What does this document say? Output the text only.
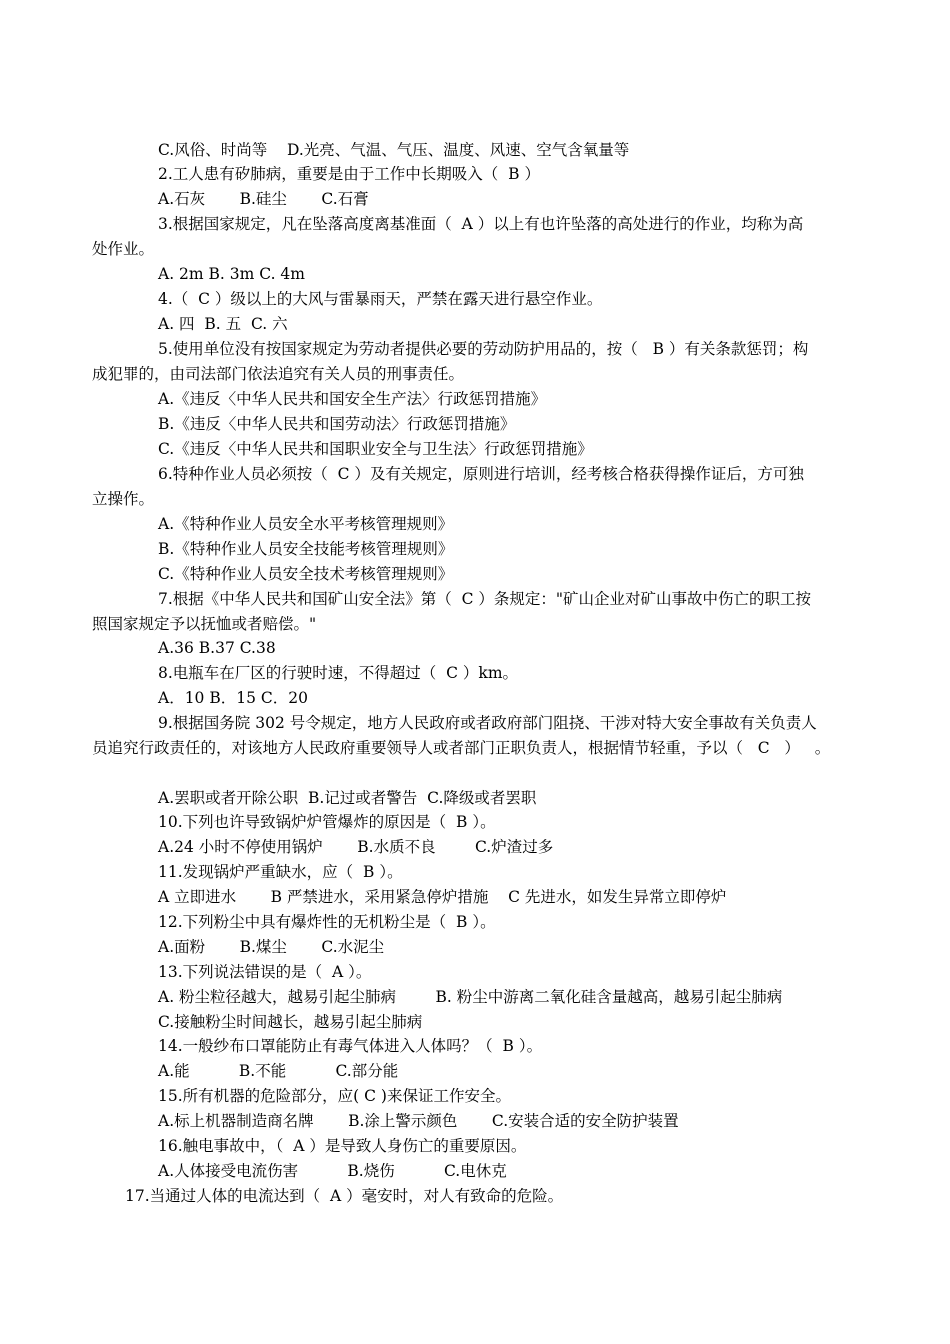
C.风俗、时尚等    D.光亮、气温、气压、温度、风速、空气含氧量等
2.工人患有矽肺病，重要是由于工作中长期吸入（  B ）
A.石灰       B.硅尘       C.石膏
3.根据国家规定，凡在坠落高度离基准面（  A ）以上有也许坠落的高处进行的作业，均称为高
处作业。
A. 2m B. 3m C. 4m
4.（  C ）级以上的大风与雷暴雨天，严禁在露天进行悬空作业。
A. 四  B. 五  C. 六
5.使用单位没有按国家规定为劳动者提供必要的劳动防护用品的，按（   B ）有关条款惩罚；构
成犯罪的，由司法部门依法追究有关人员的刑事责任。
A.《违反〈中华人民共和国安全生产法〉行政惩罚措施》
B.《违反〈中华人民共和国劳动法〉行政惩罚措施》
C.《违反〈中华人民共和国职业安全与卫生法〉行政惩罚措施》
6.特种作业人员必须按（  C ）及有关规定，原则进行培训，经考核合格获得操作证后，方可独
立操作。
A.《特种作业人员安全水平考核管理规则》
B.《特种作业人员安全技能考核管理规则》
C.《特种作业人员安全技术考核管理规则》
7.根据《中华人民共和国矿山安全法》第（  C ）条规定："矿山企业对矿山事故中伤亡的职工按
照国家规定予以抚恤或者赔偿。"
A.36 B.37 C.38
8.电瓶车在厂区的行驶时速，不得超过（  C ）km。
A．10 B．15 C．20
9.根据国务院 302 号令规定，地方人民政府或者政府部门阻挠、干涉对特大安全事故有关负责人
员追究行政责任的，对该地方人民政府重要领导人或者部门正职负责人，根据情节轻重，予以（   C   ）   。
A.罢职或者开除公职  B.记过或者警告  C.降级或者罢职
10.下列也许导致锅炉炉管爆炸的原因是（  B ）。
A.24 小时不停使用锅炉       B.水质不良        C.炉渣过多
11.发现锅炉严重缺水，应（  B ）。
A 立即进水       B 严禁进水，采用紧急停炉措施    C 先进水，如发生异常立即停炉
12.下列粉尘中具有爆炸性的无机粉尘是（  B ）。
A.面粉       B.煤尘       C.水泥尘
13.下列说法错误的是（  A ）。
A. 粉尘粒径越大，越易引起尘肺病        B. 粉尘中游离二氧化硅含量越高，越易引起尘肺病
C.接触粉尘时间越长，越易引起尘肺病
14.一般纱布口罩能防止有毒气体进入人体吗？（  B ）。
A.能          B.不能          C.部分能
15.所有机器的危险部分，应( C )来保证工作安全。
A.标上机器制造商名牌       B.涂上警示颜色       C.安装合适的安全防护装置
16.触电事故中，（  A ）是导致人身伤亡的重要原因。
A.人体接受电流伤害          B.烧伤          C.电休克
17.当通过人体的电流达到（  A ）毫安时，对人有致命的危险。
